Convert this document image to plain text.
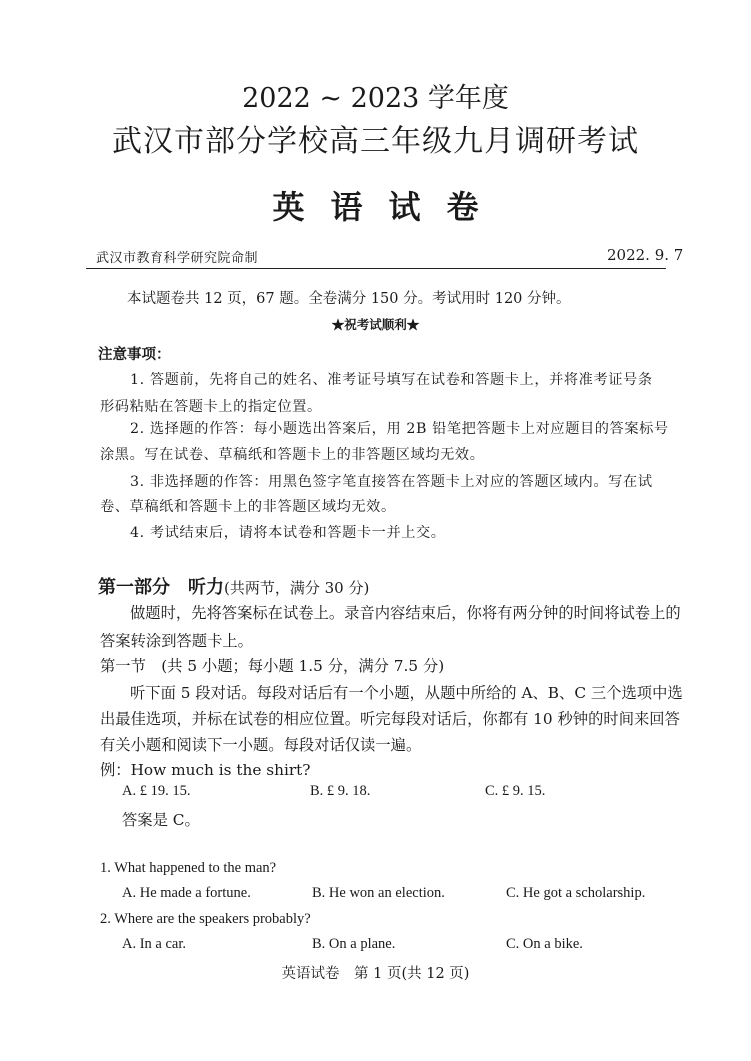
2022 ~ 2023 学年度
武汉市部分学校高三年级九月调研考试
英语试卷
武汉市教育科学研究院命制	2022. 9. 7
本试题卷共 12 页，67 题。全卷满分 150 分。考试用时 120 分钟。
★祝考试顺利★
注意事项：
1. 答题前，先将自己的姓名、准考证号填写在试卷和答题卡上，并将准考证号条
形码粘贴在答题卡上的指定位置。
2. 选择题的作答：每小题选出答案后，用 2B 铅笔把答题卡上对应题目的答案标号
涂黑。写在试卷、草稿纸和答题卡上的非答题区域均无效。
3. 非选择题的作答：用黑色签字笔直接答在答题卡上对应的答题区域内。写在试
卷、草稿纸和答题卡上的非答题区域均无效。
4. 考试结束后，请将本试卷和答题卡一并上交。
第一部分　听力(共两节，满分 30 分)
做题时，先将答案标在试卷上。录音内容结束后，你将有两分钟的时间将试卷上的
答案转涂到答题卡上。
第一节　(共 5 小题；每小题 1.5 分，满分 7.5 分)
听下面 5 段对话。每段对话后有一个小题，从题中所给的 A、B、C 三个选项中选
出最佳选项，并标在试卷的相应位置。听完每段对话后，你都有 10 秒钟的时间来回答
有关小题和阅读下一小题。每段对话仅读一遍。
例：How much is the shirt?
A. £ 19. 15.	B. £ 9. 18.	C. £ 9. 15.
答案是 C。
1. What happened to the man?
A. He made a fortune.	B. He won an election.	C. He got a scholarship.
2. Where are the speakers probably?
A. In a car.	B. On a plane.	C. On a bike.
英语试卷　第 1 页(共 12 页)
